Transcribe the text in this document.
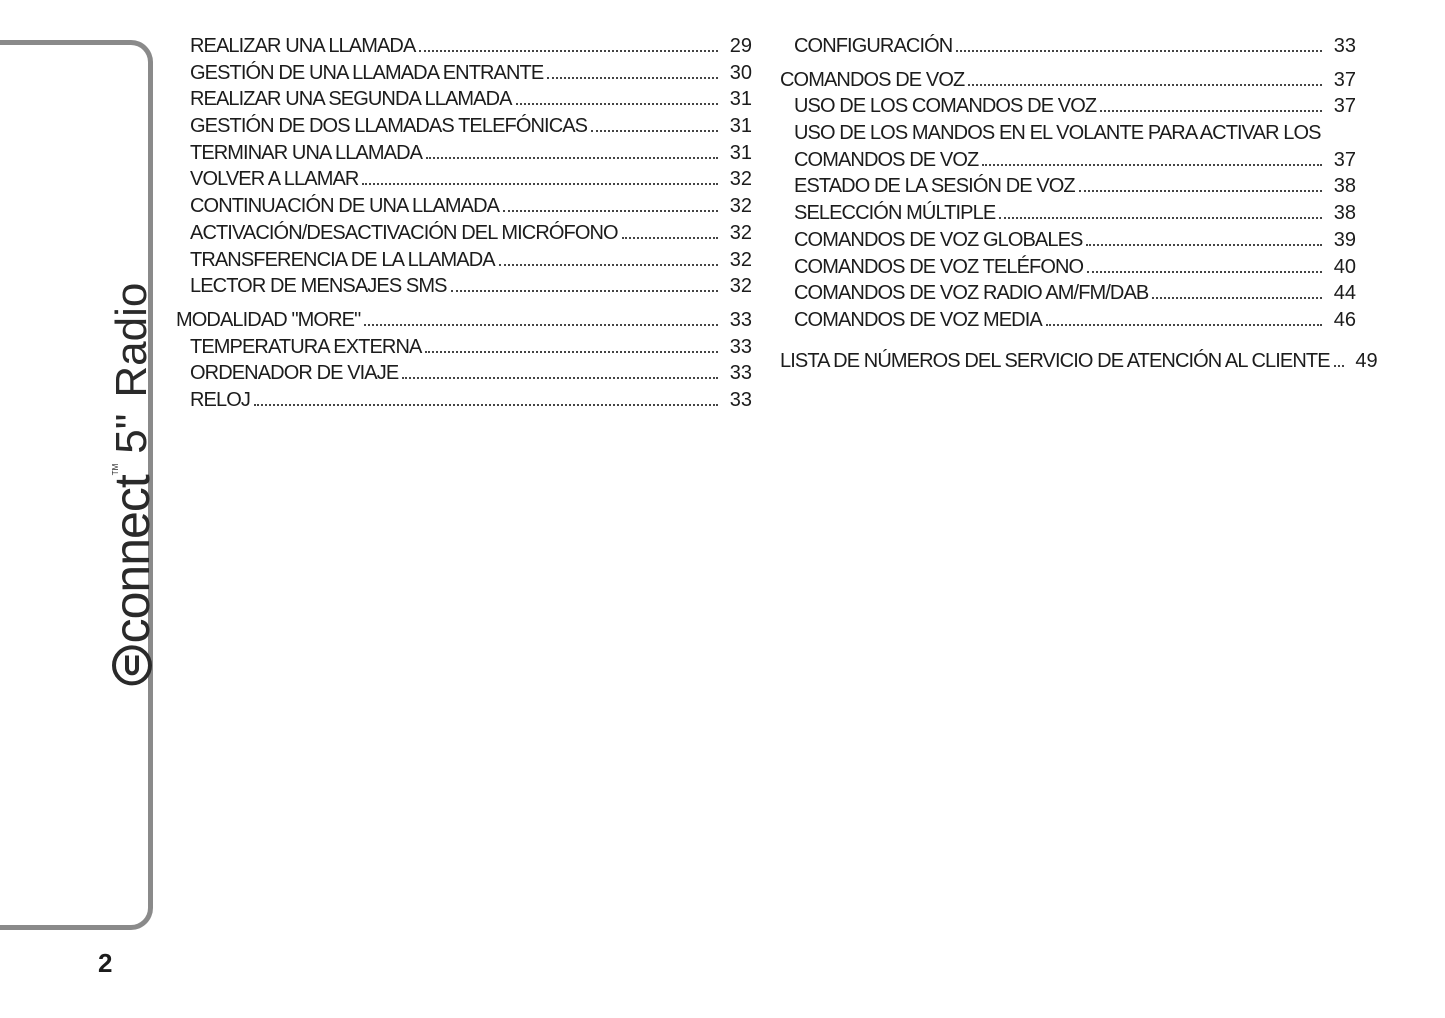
connect
TM
5"
Radio
2
REALIZAR UNA LLAMADA	29
GESTIÓN DE UNA LLAMADA ENTRANTE	30
REALIZAR UNA SEGUNDA LLAMADA	31
GESTIÓN DE DOS LLAMADAS TELEFÓNICAS	31
TERMINAR UNA LLAMADA	31
VOLVER A LLAMAR	32
CONTINUACIÓN DE UNA LLAMADA	32
ACTIVACIÓN/DESACTIVACIÓN DEL MICRÓFONO	32
TRANSFERENCIA DE LA LLAMADA	32
LECTOR DE MENSAJES SMS	32
MODALIDAD "MORE"	33
TEMPERATURA EXTERNA	33
ORDENADOR DE VIAJE	33
RELOJ	33
CONFIGURACIÓN	33
COMANDOS DE VOZ	37
USO DE LOS COMANDOS DE VOZ	37
USO DE LOS MANDOS EN EL VOLANTE PARA ACTIVAR LOS
COMANDOS DE VOZ	37
ESTADO DE LA SESIÓN DE VOZ	38
SELECCIÓN MÚLTIPLE	38
COMANDOS DE VOZ GLOBALES	39
COMANDOS DE VOZ TELÉFONO	40
COMANDOS DE VOZ RADIO AM/FM/DAB	44
COMANDOS DE VOZ MEDIA	46
LISTA DE NÚMEROS DEL SERVICIO DE ATENCIÓN AL CLIENTE	49
